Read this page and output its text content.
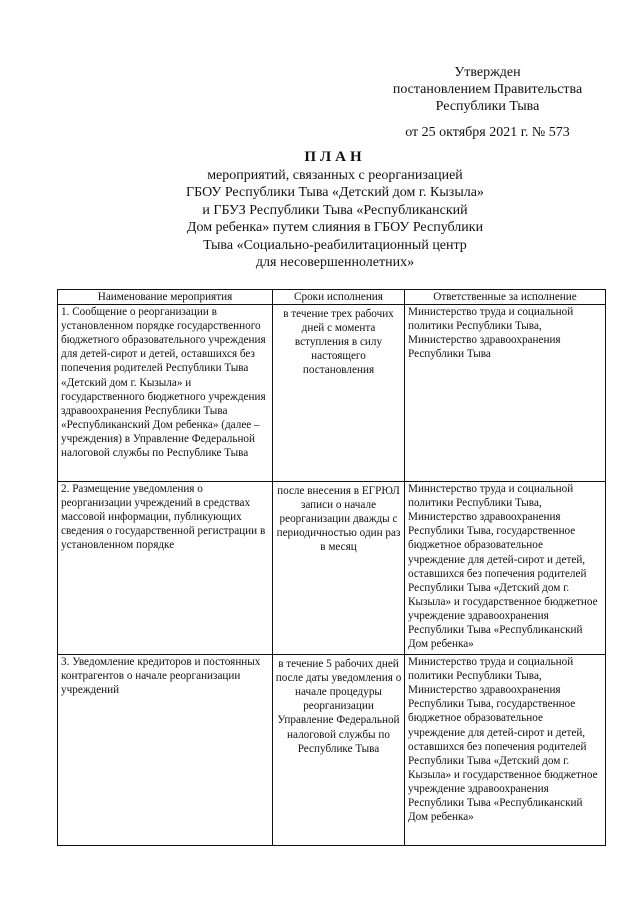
Утвержден
постановлением Правительства
Республики Тыва
от 25 октября 2021 г. № 573
ПЛАН
мероприятий, связанных с реорганизацией
ГБОУ Республики Тыва «Детский дом г. Кызыла»
и ГБУЗ Республики Тыва «Республиканский
Дом ребенка» путем слияния в ГБОУ Республики
Тыва «Социально-реабилитационный центр
для несовершеннолетних»
Наименование мероприятия	Сроки исполнения	Ответственные за исполнение
1. Сообщение о реорганизации в установленном порядке государственного бюджетного образовательного учреждения для детей-сирот и детей, оставшихся без попечения родителей Республики Тыва «Детский дом г. Кызыла» и государственного бюджетного учреждения здравоохранения Республики Тыва «Республиканский Дом ребенка» (далее – учреждения) в Управление Федеральной налоговой службы по Республике Тыва	в течение трех рабочих дней с момента вступления в силу настоящего постановления	Министерство труда и социальной политики Республики Тыва, Министерство здравоохранения Республики Тыва
2. Размещение уведомления о реорганизации учреждений в средствах массовой информации, публикующих сведения о государственной регистрации в установленном порядке	после внесения в ЕГРЮЛ записи о начале реорганизации дважды с периодичностью один раз в месяц	Министерство труда и социальной политики Республики Тыва, Министерство здравоохранения Республики Тыва, государственное бюджетное образовательное учреждение для детей-сирот и детей, оставшихся без попечения родителей Республики Тыва «Детский дом г. Кызыла» и государственное бюджетное учреждение здравоохранения Республики Тыва «Республиканский Дом ребенка»
3. Уведомление кредиторов и постоянных контрагентов о начале реорганизации учреждений	в течение 5 рабочих дней после даты уведомления о начале процедуры реорганизации Управление Федеральной налоговой службы по Республике Тыва	Министерство труда и социальной политики Республики Тыва, Министерство здравоохранения Республики Тыва, государственное бюджетное образовательное учреждение для детей-сирот и детей, оставшихся без попечения родителей Республики Тыва «Детский дом г. Кызыла» и государственное бюджетное учреждение здравоохранения Республики Тыва «Республиканский Дом ребенка»
